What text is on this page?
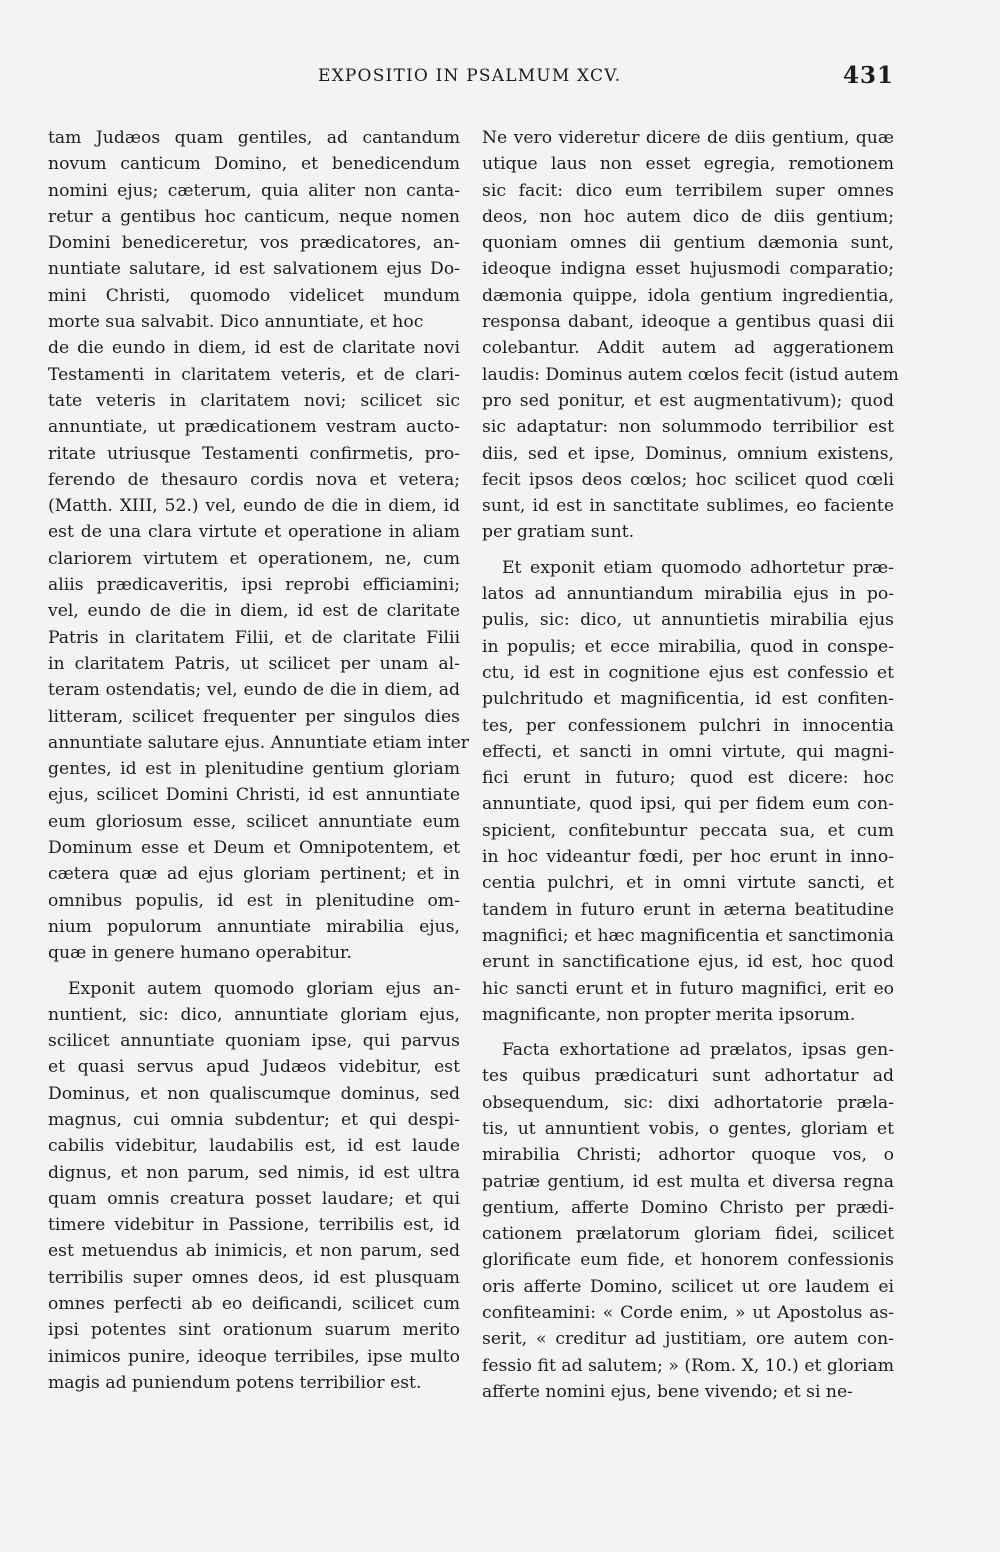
EXPOSITIO IN PSALMUM XCV.	431
tam Judæos quam gentiles, ad cantandum
novum canticum Domino, et benedicendum
nomini ejus; cæterum, quia aliter non canta-
retur a gentibus hoc canticum, neque nomen
Domini benediceretur, vos prædicatores, an-
nuntiate salutare, id est salvationem ejus Do-
mini Christi, quomodo videlicet mundum
morte sua salvabit. Dico annuntiate, et hoc
de die eundo in diem, id est de claritate novi
Testamenti in claritatem veteris, et de clari-
tate veteris in claritatem novi; scilicet sic
annuntiate, ut prædicationem vestram aucto-
ritate utriusque Testamenti confirmetis, pro-
ferendo de thesauro cordis nova et vetera;
(Matth. XIII, 52.) vel, eundo de die in diem, id
est de una clara virtute et operatione in aliam
clariorem virtutem et operationem, ne, cum
aliis prædicaveritis, ipsi reprobi efficiamini;
vel, eundo de die in diem, id est de claritate
Patris in claritatem Filii, et de claritate Filii
in claritatem Patris, ut scilicet per unam al-
teram ostendatis; vel, eundo de die in diem, ad
litteram, scilicet frequenter per singulos dies
annuntiate salutare ejus. Annuntiate etiam inter
gentes, id est in plenitudine gentium gloriam
ejus, scilicet Domini Christi, id est annuntiate
eum gloriosum esse, scilicet annuntiate eum
Dominum esse et Deum et Omnipotentem, et
cætera quæ ad ejus gloriam pertinent; et in
omnibus populis, id est in plenitudine om-
nium populorum annuntiate mirabilia ejus,
quæ in genere humano operabitur.
Exponit autem quomodo gloriam ejus an-
nuntient, sic: dico, annuntiate gloriam ejus,
scilicet annuntiate quoniam ipse, qui parvus
et quasi servus apud Judæos videbitur, est
Dominus, et non qualiscumque dominus, sed
magnus, cui omnia subdentur; et qui despi-
cabilis videbitur, laudabilis est, id est laude
dignus, et non parum, sed nimis, id est ultra
quam omnis creatura posset laudare; et qui
timere videbitur in Passione, terribilis est, id
est metuendus ab inimicis, et non parum, sed
terribilis super omnes deos, id est plusquam
omnes perfecti ab eo deificandi, scilicet cum
ipsi potentes sint orationum suarum merito
inimicos punire, ideoque terribiles, ipse multo
magis ad puniendum potens terribilior est.
Ne vero videretur dicere de diis gentium, quæ
utique laus non esset egregia, remotionem
sic facit: dico eum terribilem super omnes
deos, non hoc autem dico de diis gentium;
quoniam omnes dii gentium dæmonia sunt,
ideoque indigna esset hujusmodi comparatio;
dæmonia quippe, idola gentium ingredientia,
responsa dabant, ideoque a gentibus quasi dii
colebantur. Addit autem ad aggerationem
laudis: Dominus autem cœlos fecit (istud autem
pro sed ponitur, et est augmentativum); quod
sic adaptatur: non solummodo terribilior est
diis, sed et ipse, Dominus, omnium existens,
fecit ipsos deos cœlos; hoc scilicet quod cœli
sunt, id est in sanctitate sublimes, eo faciente
per gratiam sunt.
Et exponit etiam quomodo adhortetur præ-
latos ad annuntiandum mirabilia ejus in po-
pulis, sic: dico, ut annuntietis mirabilia ejus
in populis; et ecce mirabilia, quod in conspe-
ctu, id est in cognitione ejus est confessio et
pulchritudo et magnificentia, id est confiten-
tes, per confessionem pulchri in innocentia
effecti, et sancti in omni virtute, qui magni-
fici erunt in futuro; quod est dicere: hoc
annuntiate, quod ipsi, qui per fidem eum con-
spicient, confitebuntur peccata sua, et cum
in hoc videantur fœdi, per hoc erunt in inno-
centia pulchri, et in omni virtute sancti, et
tandem in futuro erunt in æterna beatitudine
magnifici; et hæc magnificentia et sanctimonia
erunt in sanctificatione ejus, id est, hoc quod
hic sancti erunt et in futuro magnifici, erit eo
magnificante, non propter merita ipsorum.
Facta exhortatione ad prælatos, ipsas gen-
tes quibus prædicaturi sunt adhortatur ad
obsequendum, sic: dixi adhortatorie præla-
tis, ut annuntient vobis, o gentes, gloriam et
mirabilia Christi; adhortor quoque vos, o
patriæ gentium, id est multa et diversa regna
gentium, afferte Domino Christo per prædi-
cationem prælatorum gloriam fidei, scilicet
glorificate eum fide, et honorem confessionis
oris afferte Domino, scilicet ut ore laudem ei
confiteamini: « Corde enim, » ut Apostolus as-
serit, « creditur ad justitiam, ore autem con-
fessio fit ad salutem; » (Rom. X, 10.) et gloriam
afferte nomini ejus, bene vivendo; et si ne-
